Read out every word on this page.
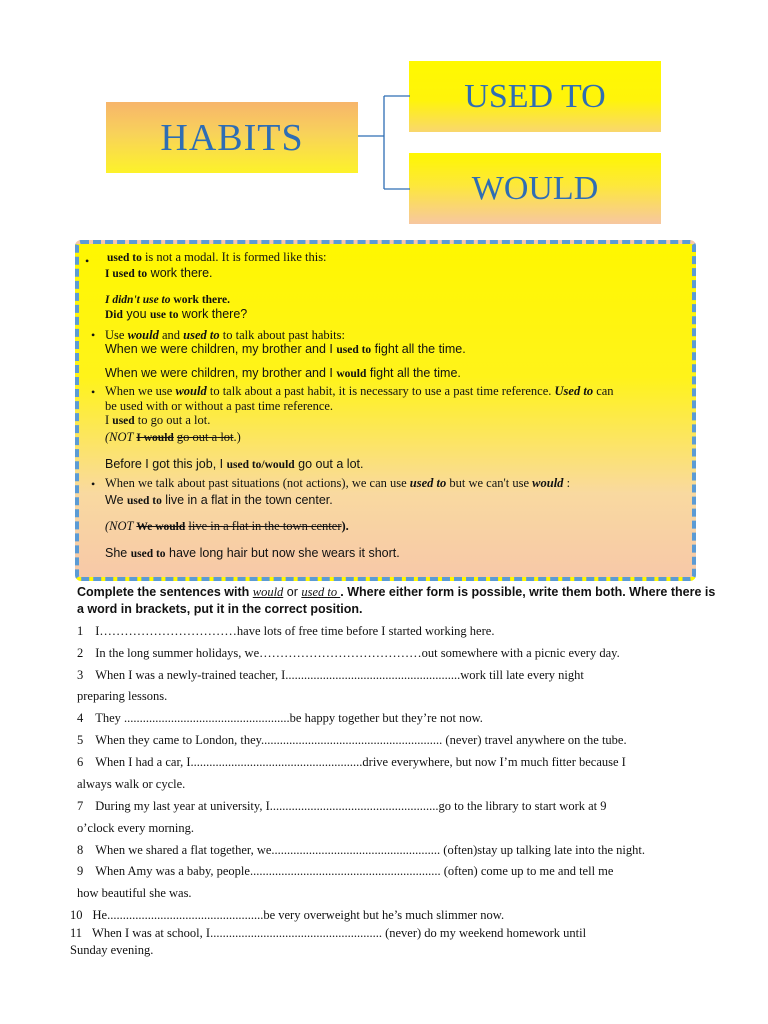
HABITS
USED TO
WOULD
• used to is not a modal. It is formed like this:
I used to work there.
I didn't use to work there.
Did you use to work there?
• Use would and used to to talk about past habits:
When we were children, my brother and I used to fight all the time.
When we were children, my brother and I would fight all the time.
• When we use would to talk about a past habit, it is necessary to use a past time reference. Used to can
be used with or without a past time reference.
I used to go out a lot.
(NOT I would go out a lot.)
Before I got this job, I used to/would go out a lot.
• When we talk about past situations (not actions), we can use used to but we can't use would :
We used to live in a flat in the town center.
(NOT We would live in a flat in the town center).
She used to have long hair but now she wears it short.
Complete the sentences with would or used to . Where either form is possible, write them both. Where there is a word in brackets, put it in the correct position.
1 I……………………………have lots of free time before I started working here.
2 In the long summer holidays, we…………………………………out somewhere with a picnic every day.
3 When I was a newly-trained teacher, I........................................................work till late every night
preparing lessons.
4 They .....................................................be happy together but they’re not now.
5 When they came to London, they.......................................................... (never) travel anywhere on the tube.
6 When I had a car, I.......................................................drive everywhere, but now I’m much fitter because I
always walk or cycle.
7 During my last year at university, I......................................................go to the library to start work at 9
o’clock every morning.
8 When we shared a flat together, we...................................................... (often)stay up talking late into the night.
9 When Amy was a baby, people............................................................. (often) come up to me and tell me
how beautiful she was.
10 He..................................................be very overweight but he’s much slimmer now.
11 When I was at school, I....................................................... (never) do my weekend homework until
Sunday evening.
